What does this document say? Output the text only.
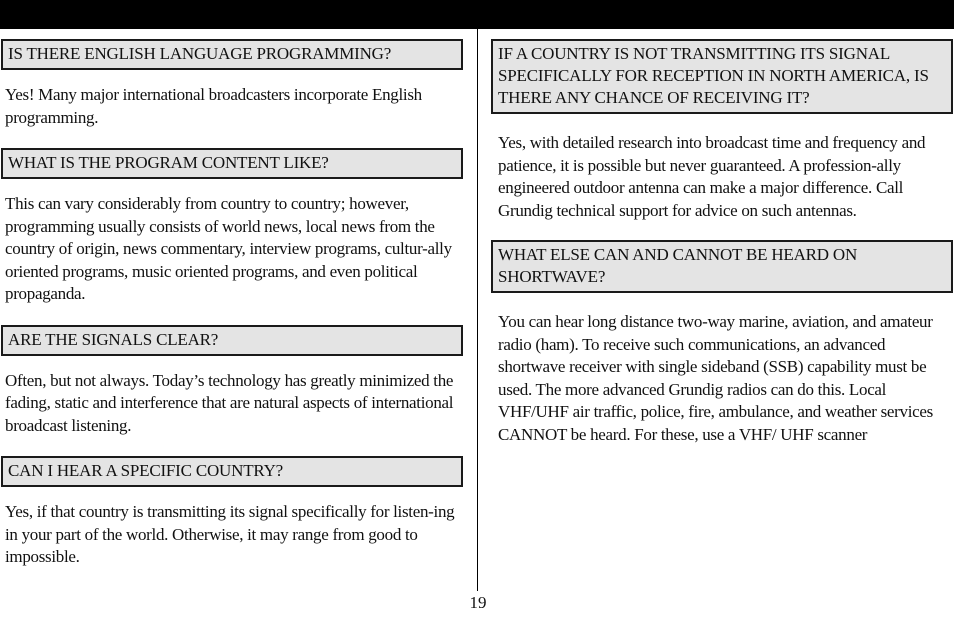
IS THERE ENGLISH LANGUAGE PROGRAMMING?

Yes! Many major international broadcasters incorporate English programming.

WHAT IS THE PROGRAM CONTENT LIKE?

This can vary considerably from country to country; however, programming usually consists of world news, local news from the country of origin, news commentary, interview programs, cultur-ally oriented programs, music oriented programs, and even political propaganda.

ARE THE SIGNALS CLEAR?

Often, but not always. Today’s technology has greatly minimized the fading, static and interference that are natural aspects of international broadcast listening.

CAN I HEAR A SPECIFIC COUNTRY?

Yes, if that country is transmitting its signal specifically for listen-ing in your part of the world. Otherwise, it may range from good to impossible.

IF A COUNTRY IS NOT TRANSMITTING ITS SIGNAL SPECIFICALLY FOR RECEPTION IN NORTH AMERICA, IS THERE ANY CHANCE OF RECEIVING IT?

Yes, with detailed research into broadcast time and frequency and patience, it is possible but never guaranteed. A profession-ally engineered outdoor antenna can make a major difference. Call Grundig technical support for advice on such antennas.

WHAT ELSE CAN AND CANNOT BE HEARD ON SHORTWAVE?

You can hear long distance two-way marine, aviation, and amateur radio (ham). To receive such communications, an advanced shortwave receiver with single sideband (SSB) capability must be used. The more advanced Grundig radios can do this. Local VHF/UHF air traffic, police, fire, ambulance, and weather services CANNOT be heard. For these, use a VHF/ UHF scanner

19
